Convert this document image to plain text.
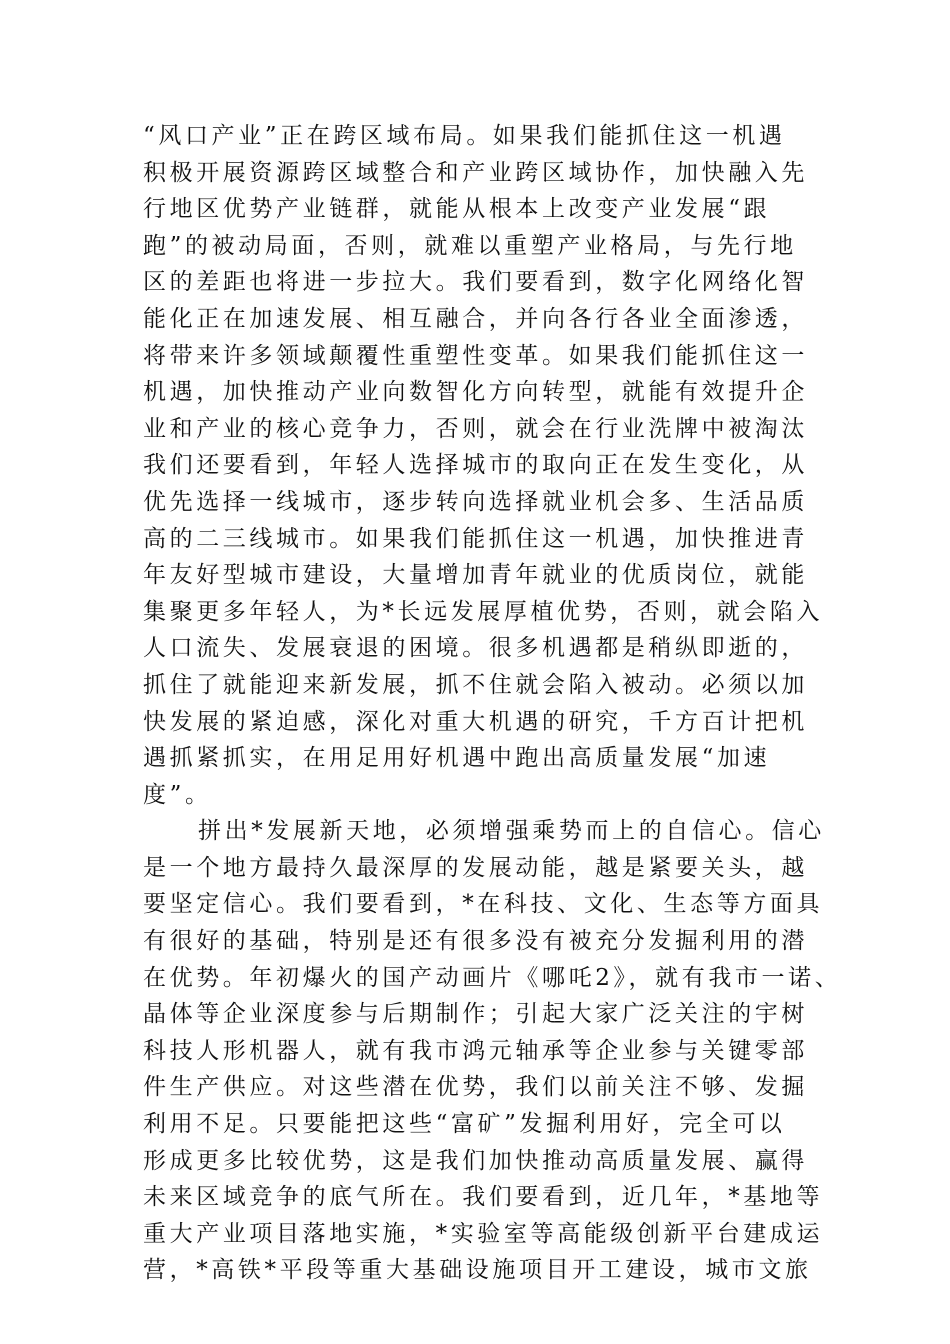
“风口产业”正在跨区域布局。如果我们能抓住这一机遇
积极开展资源跨区域整合和产业跨区域协作，加快融入先
行地区优势产业链群，就能从根本上改变产业发展“跟
跑”的被动局面，否则，就难以重塑产业格局，与先行地
区的差距也将进一步拉大。我们要看到，数字化网络化智
能化正在加速发展、相互融合，并向各行各业全面渗透，
将带来许多领域颠覆性重塑性变革。如果我们能抓住这一
机遇，加快推动产业向数智化方向转型，就能有效提升企
业和产业的核心竞争力，否则，就会在行业洗牌中被淘汰
我们还要看到，年轻人选择城市的取向正在发生变化，从
优先选择一线城市，逐步转向选择就业机会多、生活品质
高的二三线城市。如果我们能抓住这一机遇，加快推进青
年友好型城市建设，大量增加青年就业的优质岗位，就能
集聚更多年轻人，为*长远发展厚植优势，否则，就会陷入
人口流失、发展衰退的困境。很多机遇都是稍纵即逝的，
抓住了就能迎来新发展，抓不住就会陷入被动。必须以加
快发展的紧迫感，深化对重大机遇的研究，千方百计把机
遇抓紧抓实，在用足用好机遇中跑出高质量发展“加速
度”。
拼出*发展新天地，必须增强乘势而上的自信心。信心
是一个地方最持久最深厚的发展动能，越是紧要关头，越
要坚定信心。我们要看到，*在科技、文化、生态等方面具
有很好的基础，特别是还有很多没有被充分发掘利用的潜
在优势。年初爆火的国产动画片《哪吒2》，就有我市一诺、
晶体等企业深度参与后期制作；引起大家广泛关注的宇树
科技人形机器人，就有我市鸿元轴承等企业参与关键零部
件生产供应。对这些潜在优势，我们以前关注不够、发掘
利用不足。只要能把这些“富矿”发掘利用好，完全可以
形成更多比较优势，这是我们加快推动高质量发展、赢得
未来区域竞争的底气所在。我们要看到，近几年，*基地等
重大产业项目落地实施，*实验室等高能级创新平台建成运
营，*高铁*平段等重大基础设施项目开工建设，城市文旅
